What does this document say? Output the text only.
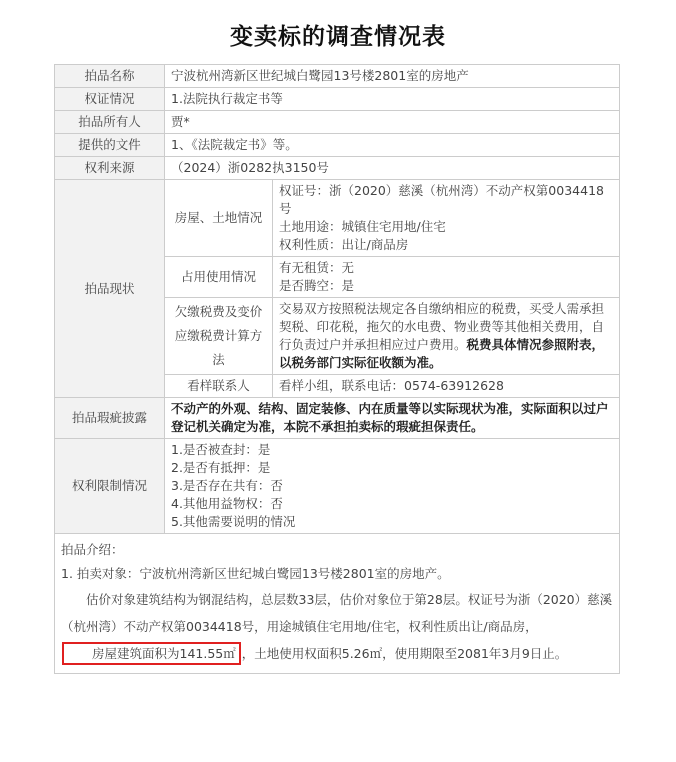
变卖标的调查情况表
拍品名称	宁波杭州湾新区世纪城白鹭园13号楼2801室的房地产	
权证情况	1.法院执行裁定书等	
拍品所有人	贾*	
提供的文件	1、《法院裁定书》等。	
权利来源	（2024）浙0282执3150号	
拍品现状	房屋、土地情况	权证号：浙（2020）慈溪（杭州湾）不动产权第0034418号
土地用途：城镇住宅用地/住宅
权利性质：出让/商品房

	占用使用情况	有无租赁：无
是否腾空：是

	欠缴税费及变价应缴税费计算方法	交易双方按照税法规定各自缴纳相应的税费，买受人需承担契税、印花税，拖欠的水电费、物业费等其他相关费用，自行负责过户并承担相应过户费用。税费具体情况参照附表，以税务部门实际征收额为准。
	看样联系人	看样小组，联系电话：0574-63912628
拍品瑕疵披露	不动产的外观、结构、固定装修、内在质量等以实际现状为准，实际面积以过户登记机关确定为准，本院不承担拍卖标的瑕疵担保责任。	
权利限制情况	1.是否被查封：是
2.是否有抵押：是
3.是否存在共有：否
4.其他用益物权：否
5.其他需要说明的情况	

拍品介绍：
1. 拍卖对象：宁波杭州湾新区世纪城白鹭园13号楼2801室的房地产。
估价对象建筑结构为钢混结构，总层数33层，估价对象位于第28层。权证号为浙（2020）慈溪（杭州湾）不动产权第0034418号，用途城镇住宅用地/住宅，权利性质出让/商品房，房屋建筑面积为141.55㎡ ，土地使用权面积5.26㎡，使用期限至2081年3月9日止。		
